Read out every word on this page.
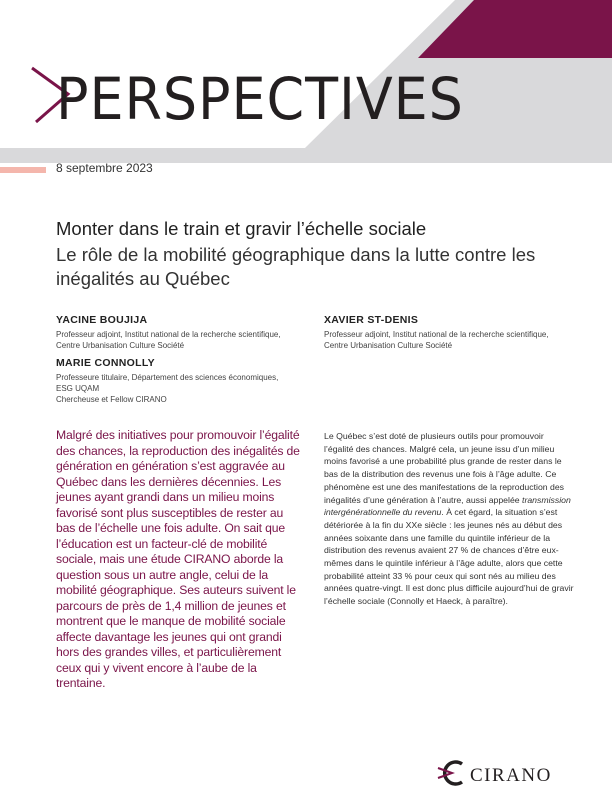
PERSPECTIVES
8 septembre 2023
Monter dans le train et gravir l’échelle sociale
Le rôle de la mobilité géographique dans la lutte contre les inégalités au Québec
YACINE BOUJIJA
Professeur adjoint, Institut national de la recherche scientifique,
Centre Urbanisation Culture Société
XAVIER ST-DENIS
Professeur adjoint, Institut national de la recherche scientifique,
Centre Urbanisation Culture Société
MARIE CONNOLLY
Professeure titulaire, Département des sciences économiques,
ESG UQAM
Chercheuse et Fellow CIRANO
Malgré des initiatives pour promouvoir l’égalité des chances, la reproduction des inégalités de génération en génération s’est aggravée au Québec dans les dernières décennies. Les jeunes ayant grandi dans un milieu moins favorisé sont plus susceptibles de rester au bas de l’échelle une fois adulte. On sait que l’éducation est un facteur-clé de mobilité sociale, mais une étude CIRANO aborde la question sous un autre angle, celui de la mobilité géographique. Ses auteurs suivent le parcours de près de 1,4 million de jeunes et montrent que le manque de mobilité sociale affecte davantage les jeunes qui ont grandi hors des grandes villes, et particulièrement ceux qui y vivent encore à l’aube de la trentaine.
Le Québec s’est doté de plusieurs outils pour promouvoir l’égalité des chances. Malgré cela, un jeune issu d’un milieu moins favorisé a une probabilité plus grande de rester dans le bas de la distribution des revenus une fois à l’âge adulte. Ce phénomène est une des manifestations de la reproduction des inégalités d’une génération à l’autre, aussi appelée transmission intergénérationnelle du revenu. À cet égard, la situation s’est détériorée à la fin du XXe siècle : les jeunes nés au début des années soixante dans une famille du quintile inférieur de la distribution des revenus avaient 27 % de chances d’être eux-mêmes dans le quintile inférieur à l’âge adulte, alors que cette probabilité atteint 33 % pour ceux qui sont nés au milieu des années quatre-vingt. Il est donc plus difficile aujourd’hui de gravir l’échelle sociale (Connolly et Haeck, à paraître).
CIRANO
